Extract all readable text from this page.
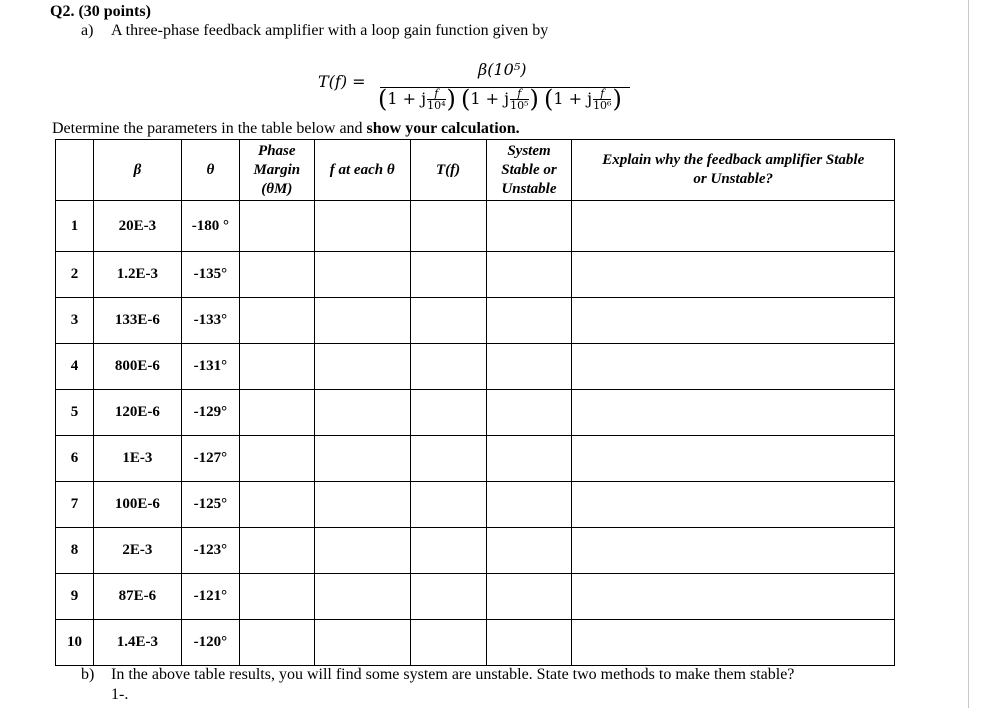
Q2. (30 points)
a) A three-phase feedback amplifier with a loop gain function given by
T(f) =
β(10⁵)
(1 + j $\frac{f}{\text{10⁴}}$ ) (1 + j $\frac{f}{\text{10⁵}}$ ) (1 + j $\frac{f}{\text{10⁶}}$ )
Determine the parameters in the table below and show your calculation.
	β	θ	Phase
Margin
(θM)	f at each θ	T(f)	System
Stable or
Unstable	Explain why the feedback amplifier Stable
or Unstable?
1	20E-3	-180 °					
2	1.2E-3	-135°					
3	133E-6	-133°					
4	800E-6	-131°					
5	120E-6	-129°					
6	1E-3	-127°					
7	100E-6	-125°					
8	2E-3	-123°					
9	87E-6	-121°					
10	1.4E-3	-120°					
b) In the above table results, you will find some system are unstable. State two methods to make them stable?
1-.
